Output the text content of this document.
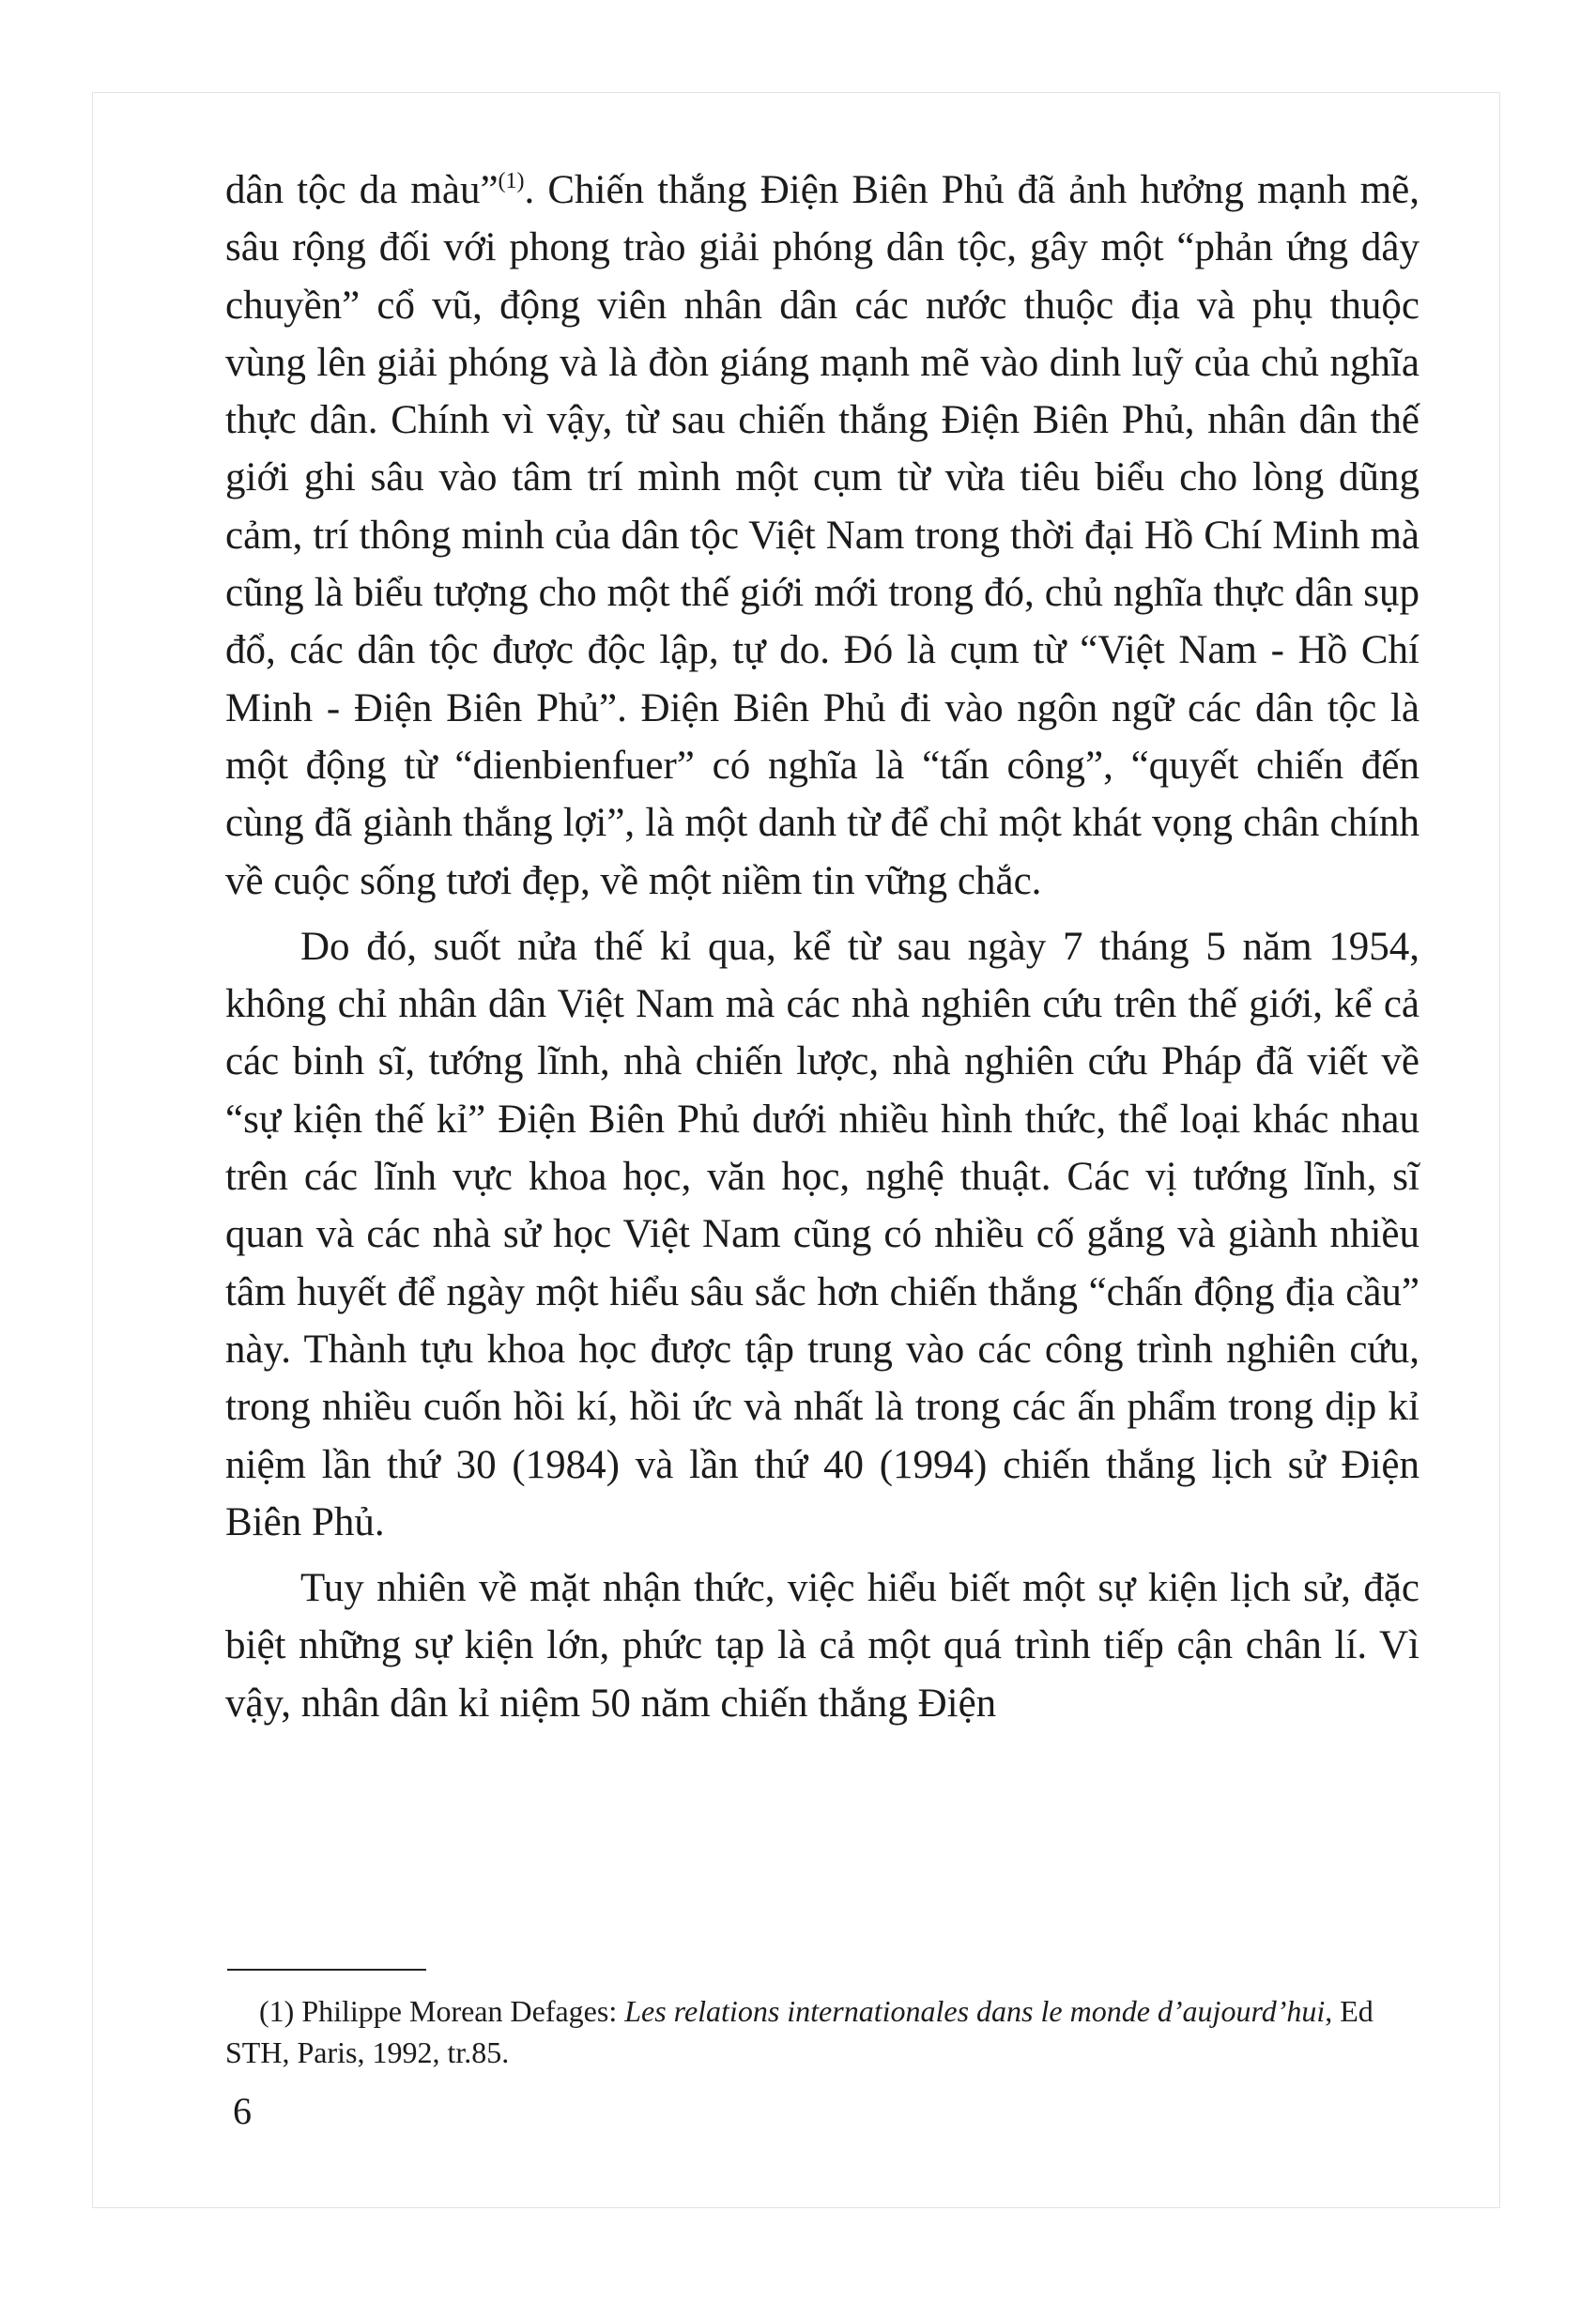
dân tộc da màu”$^{(1)}$. Chiến thắng Điện Biên Phủ đã ảnh hưởng mạnh mẽ, sâu rộng đối với phong trào giải phóng dân tộc, gây một “phản ứng dây chuyền” cổ vũ, động viên nhân dân các nước thuộc địa và phụ thuộc vùng lên giải phóng và là đòn giáng mạnh mẽ vào dinh luỹ của chủ nghĩa thực dân. Chính vì vậy, từ sau chiến thắng Điện Biên Phủ, nhân dân thế giới ghi sâu vào tâm trí mình một cụm từ vừa tiêu biểu cho lòng dũng cảm, trí thông minh của dân tộc Việt Nam trong thời đại Hồ Chí Minh mà cũng là biểu tượng cho một thế giới mới trong đó, chủ nghĩa thực dân sụp đổ, các dân tộc được độc lập, tự do. Đó là cụm từ “Việt Nam - Hồ Chí Minh - Điện Biên Phủ”. Điện Biên Phủ đi vào ngôn ngữ các dân tộc là một động từ “dienbienfuer” có nghĩa là “tấn công”, “quyết chiến đến cùng đã giành thắng lợi”, là một danh từ để chỉ một khát vọng chân chính về cuộc sống tươi đẹp, về một niềm tin vững chắc.

Do đó, suốt nửa thế kỉ qua, kể từ sau ngày 7 tháng 5 năm 1954, không chỉ nhân dân Việt Nam mà các nhà nghiên cứu trên thế giới, kể cả các binh sĩ, tướng lĩnh, nhà chiến lược, nhà nghiên cứu Pháp đã viết về “sự kiện thế kỉ” Điện Biên Phủ dưới nhiều hình thức, thể loại khác nhau trên các lĩnh vực khoa học, văn học, nghệ thuật. Các vị tướng lĩnh, sĩ quan và các nhà sử học Việt Nam cũng có nhiều cố gắng và giành nhiều tâm huyết để ngày một hiểu sâu sắc hơn chiến thắng “chấn động địa cầu” này. Thành tựu khoa học được tập trung vào các công trình nghiên cứu, trong nhiều cuốn hồi kí, hồi ức và nhất là trong các ấn phẩm trong dịp kỉ niệm lần thứ 30 (1984) và lần thứ 40 (1994) chiến thắng lịch sử Điện Biên Phủ.

Tuy nhiên về mặt nhận thức, việc hiểu biết một sự kiện lịch sử, đặc biệt những sự kiện lớn, phức tạp là cả một quá trình tiếp cận chân lí. Vì vậy, nhân dân kỉ niệm 50 năm chiến thắng Điện

(1) Philippe Morean Defages: Les relations internationales dans le monde d’aujourd’hui, Ed STH, Paris, 1992, tr.85.

6
